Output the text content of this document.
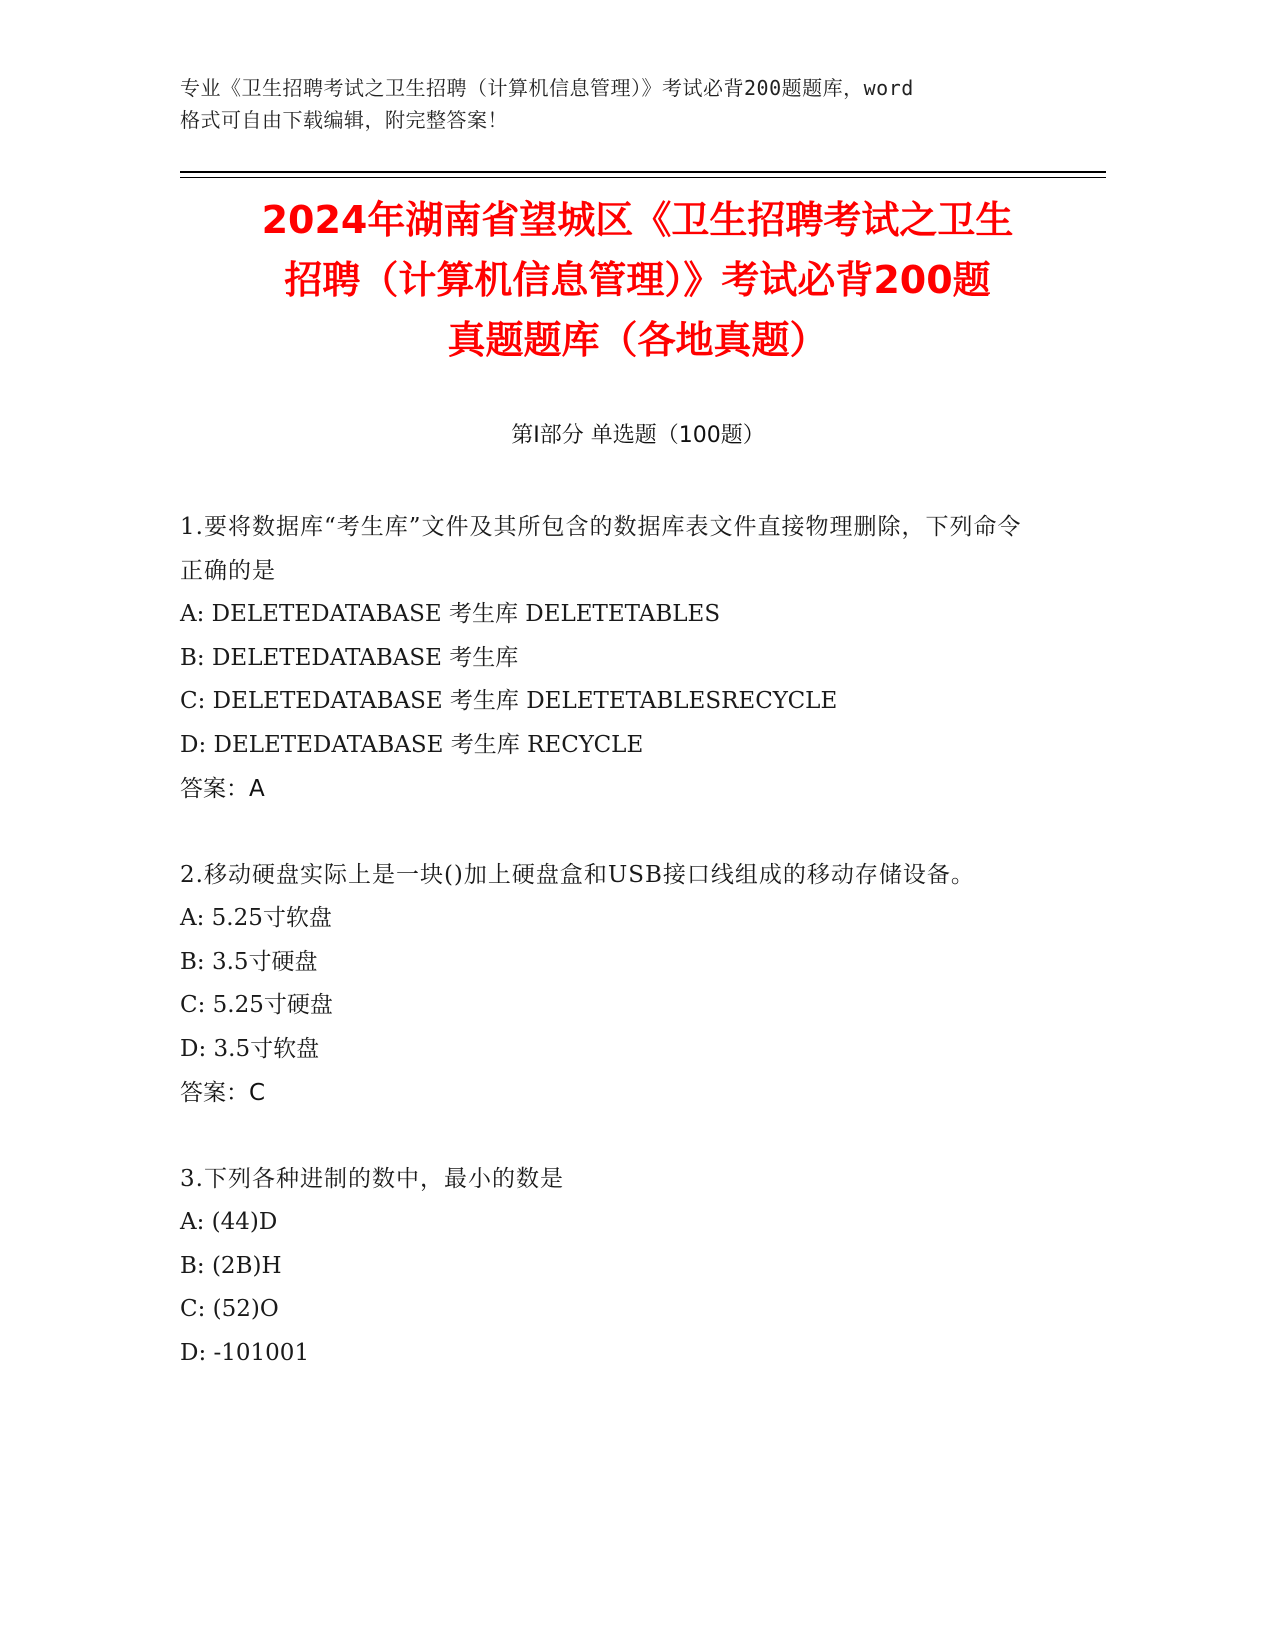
专业《卫生招聘考试之卫生招聘（计算机信息管理）》考试必背200题题库，word
格式可自由下载编辑，附完整答案！
2024年湖南省望城区《卫生招聘考试之卫生
招聘（计算机信息管理）》考试必背200题
真题题库（各地真题）
第I部分 单选题（100题）
1.要将数据库“考生库”文件及其所包含的数据库表文件直接物理删除，下列命令正确的是
A: DELETEDATABASE 考生库 DELETETABLES
B: DELETEDATABASE 考生库
C: DELETEDATABASE 考生库 DELETETABLESRECYCLE
D: DELETEDATABASE 考生库 RECYCLE
答案：A
2.移动硬盘实际上是一块()加上硬盘盒和USB接口线组成的移动存储设备。
A: 5.25寸软盘
B: 3.5寸硬盘
C: 5.25寸硬盘
D: 3.5寸软盘
答案：C
3.下列各种进制的数中，最小的数是
A: (44)D
B: (2B)H
C: (52)O
D: -101001
